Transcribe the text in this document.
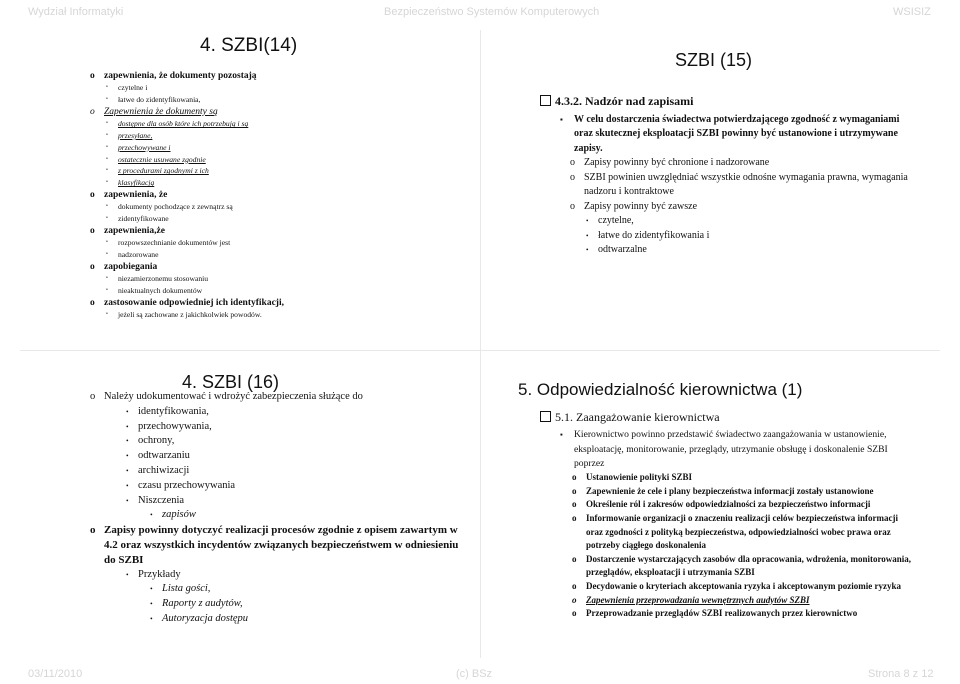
Wydział Informatyki	Bezpieczeństwo Systemów Komputerowych	WSISIZ
4. SZBI(14)
o zapewnienia, że dokumenty pozostają
• czytelne i
• łatwe do zidentyfikowania,
o Zapewnienia że dokumenty są
• dostępne dla osób które ich potrzebują i są
• przesyłane,
• przechowywane i
• ostatecznie usuwane zgodnie
• z procedurami zgodnymi z ich
• klasyfikacją
o zapewnienia, że
• dokumenty pochodzące z zewnątrz są
• zidentyfikowane
o zapewnienia,że
• rozpowszechnianie dokumentów jest
• nadzorowane
o zapobiegania
• niezamierzonemu stosowaniu
• nieaktualnych dokumentów
o zastosowanie odpowiedniej ich identyfikacji,
• jeżeli są zachowane z jakichkolwiek powodów.
SZBI (15)
4.3.2. Nadzór nad zapisami
▪ W celu dostarczenia świadectwa potwierdzającego zgodność z wymaganiami oraz skutecznej eksploatacji SZBI powinny być ustanowione i utrzymywane zapisy.
o Zapisy powinny być chronione i nadzorowane
o SZBI powinien uwzględniać wszystkie odnośne wymagania prawna, wymagania nadzoru i kontraktowe
o Zapisy powinny być zawsze
• czytelne,
• łatwe do zidentyfikowania i
• odtwarzalne
4. SZBI (16)
o Należy udokumentować i wdrożyć zabezpieczenia służące do
• identyfikowania,
• przechowywania,
• ochrony,
• odtwarzaniu
• archiwizacji
• czasu przechowywania
• Niszczenia
• zapisów
o Zapisy powinny dotyczyć realizacji procesów zgodnie z opisem zawartym w 4.2 oraz wszystkich incydentów związanych bezpieczeństwem w odniesieniu do SZBI
• Przykłady
• Lista gości,
• Raporty z audytów,
• Autoryzacja dostępu
5. Odpowiedzialność kierownictwa (1)
5.1. Zaangażowanie kierownictwa
▪ Kierownictwo powinno przedstawić świadectwo zaangażowania w ustanowienie, eksploatację, monitorowanie, przeglądy, utrzymanie obsługę i doskonalenie SZBI poprzez
o Ustanowienie polityki SZBI
o Zapewnienie że cele i plany bezpieczeństwa informacji zostały ustanowione
o Określenie ról i zakresów odpowiedzialności za bezpieczeństwo informacji
o Informowanie organizacji o znaczeniu realizacji celów bezpieczeństwa informacji oraz zgodności z polityką bezpieczeństwa, odpowiedzialności wobec prawa oraz potrzeby ciągłego doskonalenia
o Dostarczenie wystarczających zasobów dla opracowania, wdrożenia, monitorowania, przeglądów, eksploatacji i utrzymania SZBI
o Decydowanie o kryteriach akceptowania ryzyka i akceptowanym poziomie ryzyka
o Zapewnienia przeprowadzania wewnętrznych audytów SZBI
o Przeprowadzanie przeglądów SZBI realizowanych przez kierownictwo
03/11/2010	(c) BSz	Strona 8 z 12
